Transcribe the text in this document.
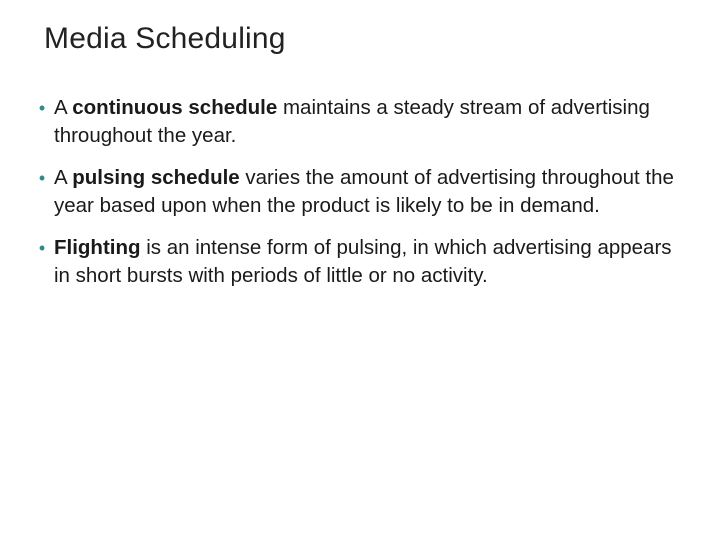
Media Scheduling
• A continuous schedule maintains a steady stream of advertising throughout the year.
• A pulsing schedule varies the amount of advertising throughout the year based upon when the product is likely to be in demand.
• Flighting is an intense form of pulsing, in which advertising appears in short bursts with periods of little or no activity.
